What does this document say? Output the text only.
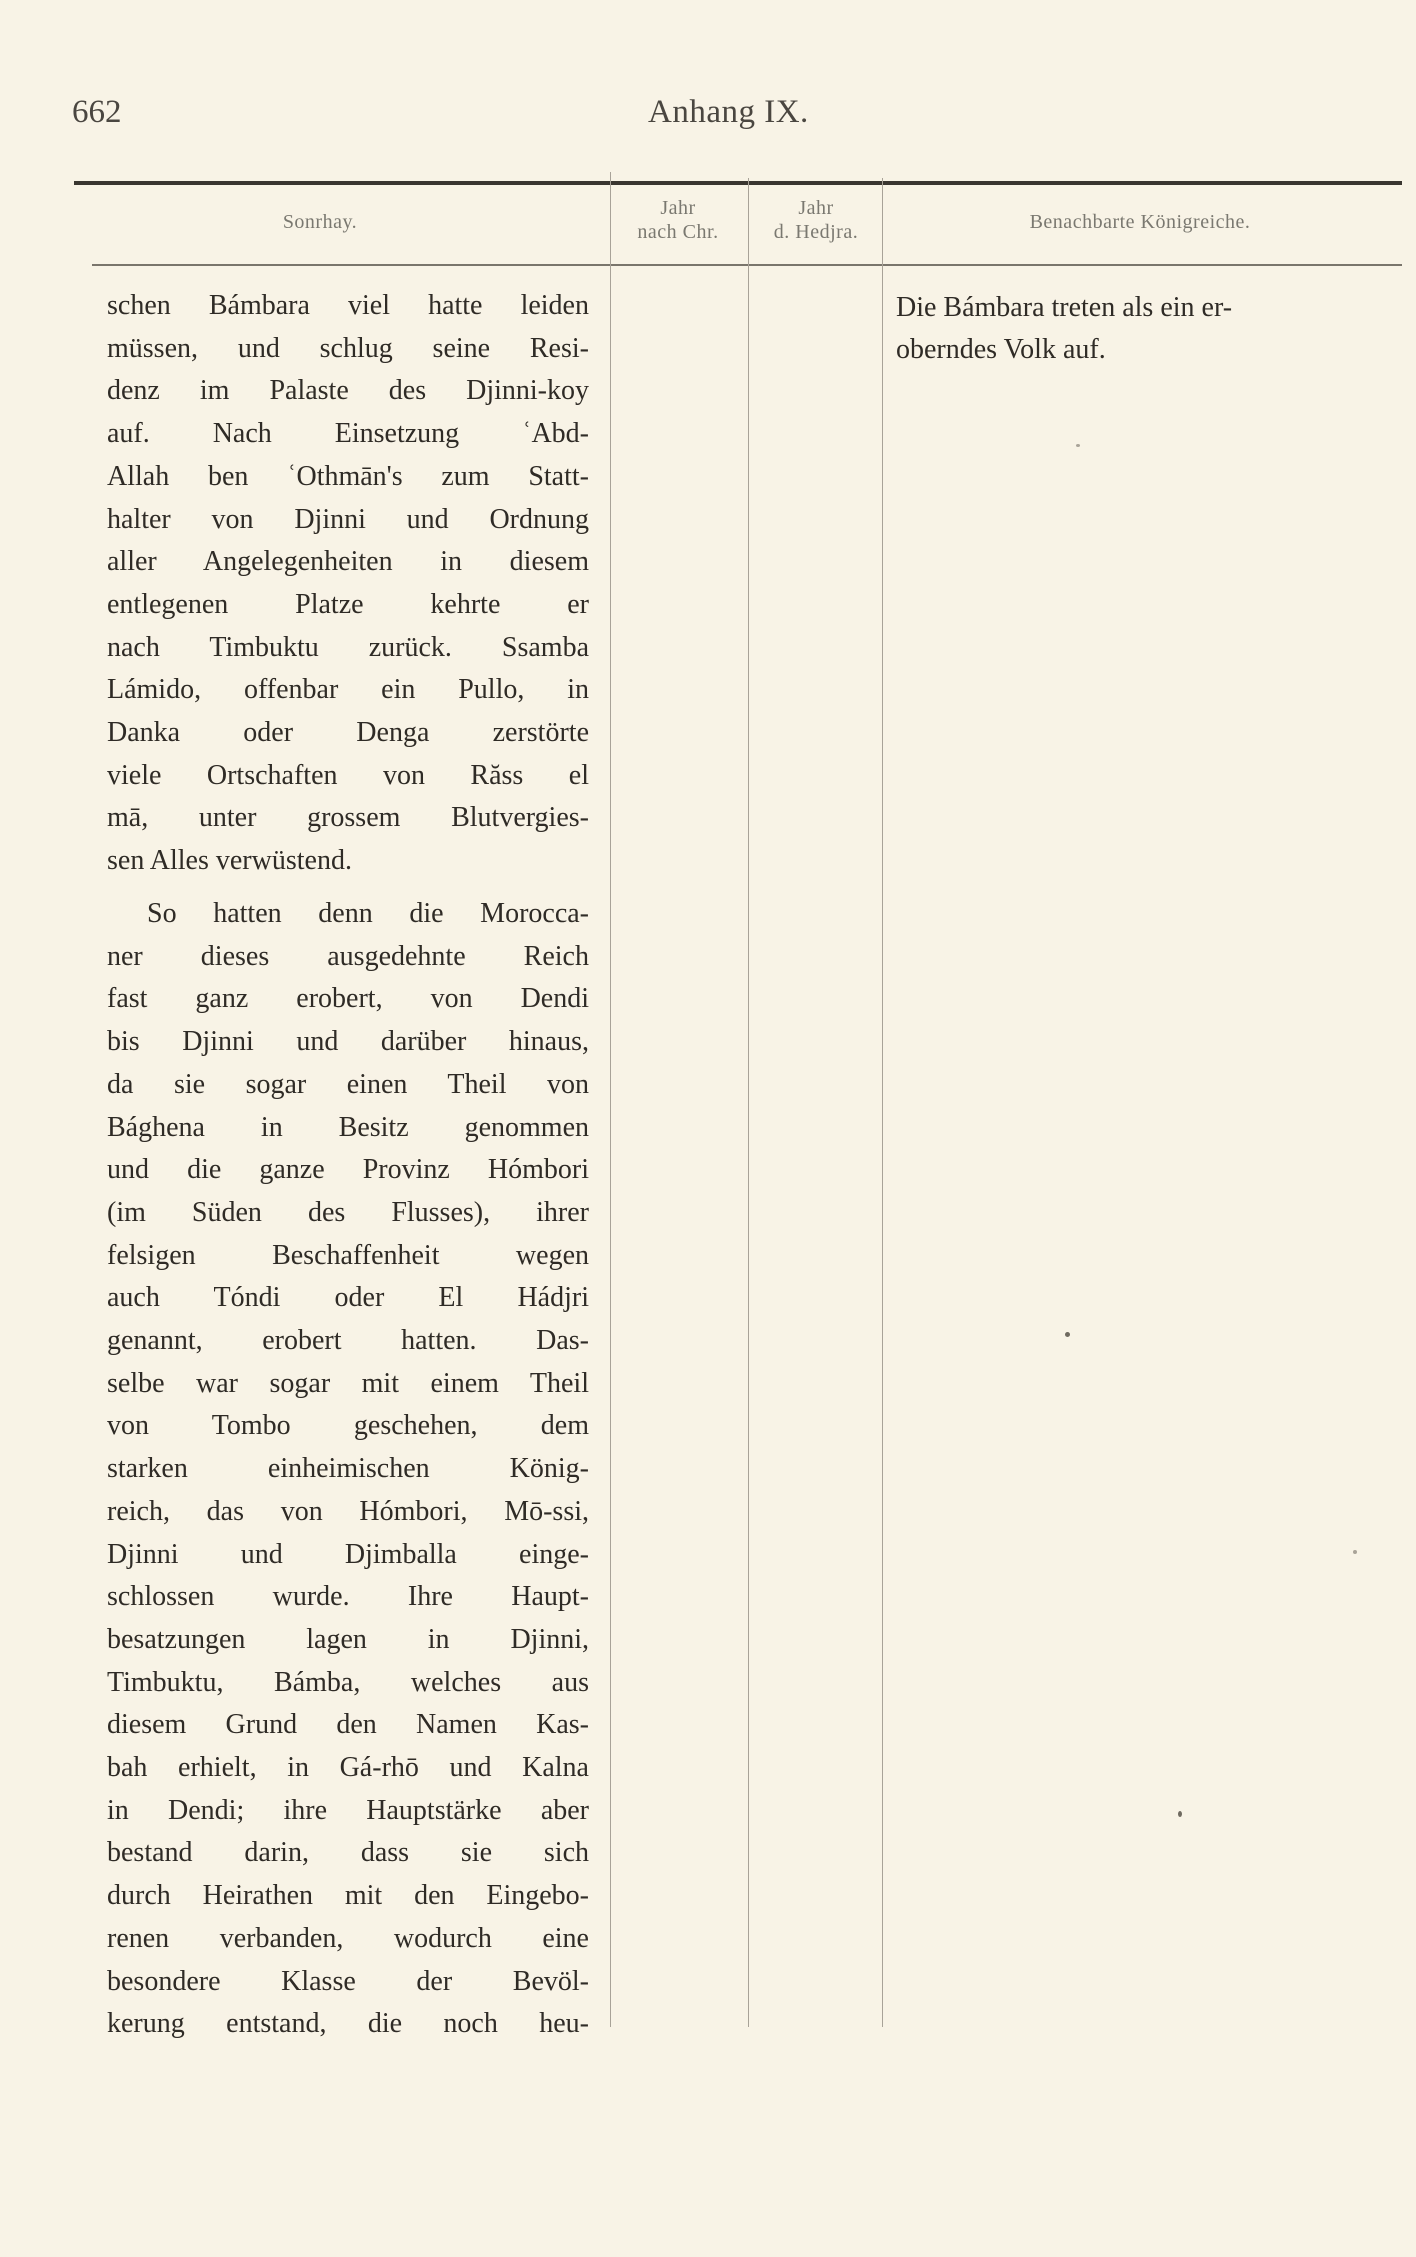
662	Anhang IX.
Sonrhay.
Jahr
nach Chr.
Jahr
d. Hedjra.	Benachbarte Königreiche.
schen Bámbara viel hatte leiden
müssen, und schlug seine Resi-
denz im Palaste des Djinni-koy
auf. Nach Einsetzung ʿAbd-
Allah ben ʿOthmān's zum Statt-
halter von Djinni und Ordnung
aller Angelegenheiten in diesem
entlegenen Platze kehrte er
nach Timbuktu zurück. Ssamba
Lámido, offenbar ein Pullo, in
Danka oder Denga zerstörte
viele Ortschaften von Răss el
mā, unter grossem Blutvergies-
sen Alles verwüstend.
So hatten denn die Morocca-
ner dieses ausgedehnte Reich
fast ganz erobert, von Dendi
bis Djinni und darüber hinaus,
da sie sogar einen Theil von
Bághena in Besitz genommen
und die ganze Provinz Hómbori
(im Süden des Flusses), ihrer
felsigen Beschaffenheit wegen
auch Tóndi oder El Hádjri
genannt, erobert hatten. Das-
selbe war sogar mit einem Theil
von Tombo geschehen, dem
starken einheimischen König-
reich, das von Hómbori, Mō-ssi,
Djinni und Djimballa einge-
schlossen wurde. Ihre Haupt-
besatzungen lagen in Djinni,
Timbuktu, Bámba, welches aus
diesem Grund den Namen Kas-
bah erhielt, in Gá-rhō und Kalna
in Dendi; ihre Hauptstärke aber
bestand darin, dass sie sich
durch Heirathen mit den Eingebo-
renen verbanden, wodurch eine
besondere Klasse der Bevöl-
kerung entstand, die noch heu-
Die Bámbara treten als ein er-
oberndes Volk auf.
